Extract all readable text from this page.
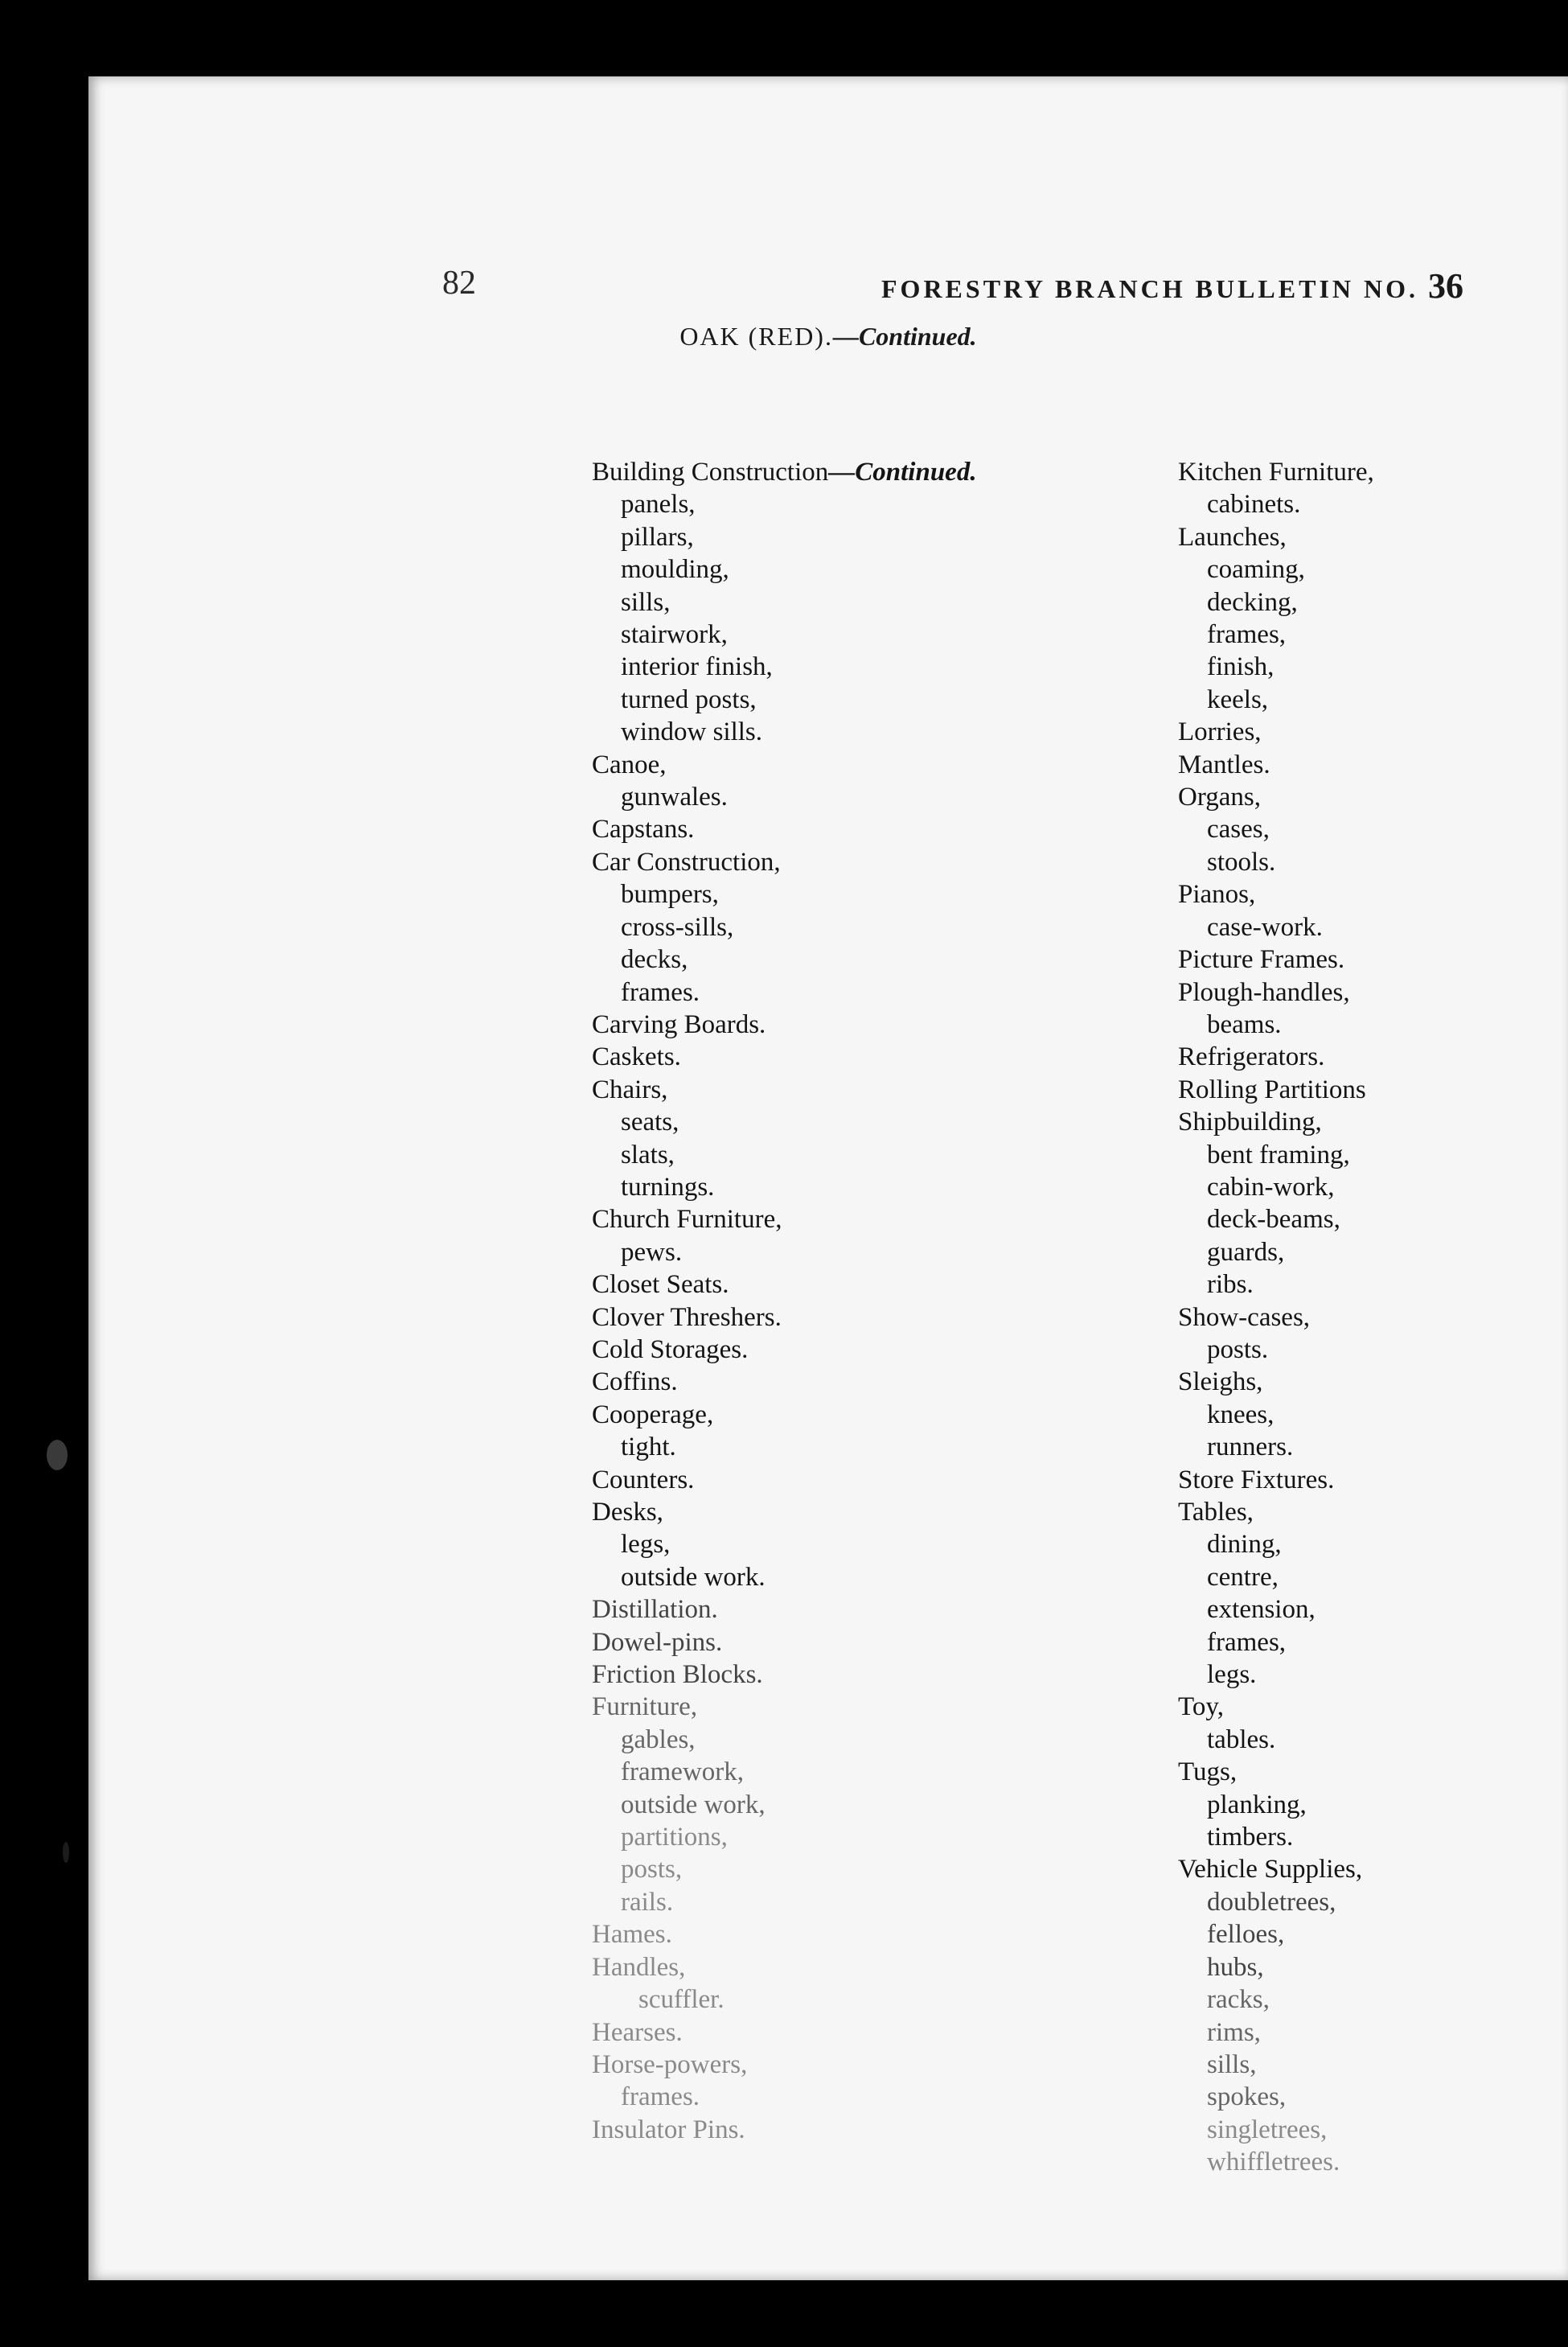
82	FORESTRY BRANCH BULLETIN NO. 36
OAK (RED).—Continued.
Building Construction—Continued.
panels,
pillars,
moulding,
sills,
stairwork,
interior finish,
turned posts,
window sills.
Canoe,
gunwales.
Capstans.
Car Construction,
bumpers,
cross-sills,
decks,
frames.
Carving Boards.
Caskets.
Chairs,
seats,
slats,
turnings.
Church Furniture,
pews.
Closet Seats.
Clover Threshers.
Cold Storages.
Coffins.
Cooperage,
tight.
Counters.
Desks,
legs,
outside work.
Distillation.
Dowel-pins.
Friction Blocks.
Furniture,
gables,
framework,
outside work,
partitions,
posts,
rails.
Hames.
Handles,
scuffler.
Hearses.
Horse-powers,
frames.
Insulator Pins.
Kitchen Furniture,
cabinets.
Launches,
coaming,
decking,
frames,
finish,
keels,
Lorries,
Mantles.
Organs,
cases,
stools.
Pianos,
case-work.
Picture Frames.
Plough-handles,
beams.
Refrigerators.
Rolling Partitions
Shipbuilding,
bent framing,
cabin-work,
deck-beams,
guards,
ribs.
Show-cases,
posts.
Sleighs,
knees,
runners.
Store Fixtures.
Tables,
dining,
centre,
extension,
frames,
legs.
Toy,
tables.
Tugs,
planking,
timbers.
Vehicle Supplies,
doubletrees,
felloes,
hubs,
racks,
rims,
sills,
spokes,
singletrees,
whiffletrees.
